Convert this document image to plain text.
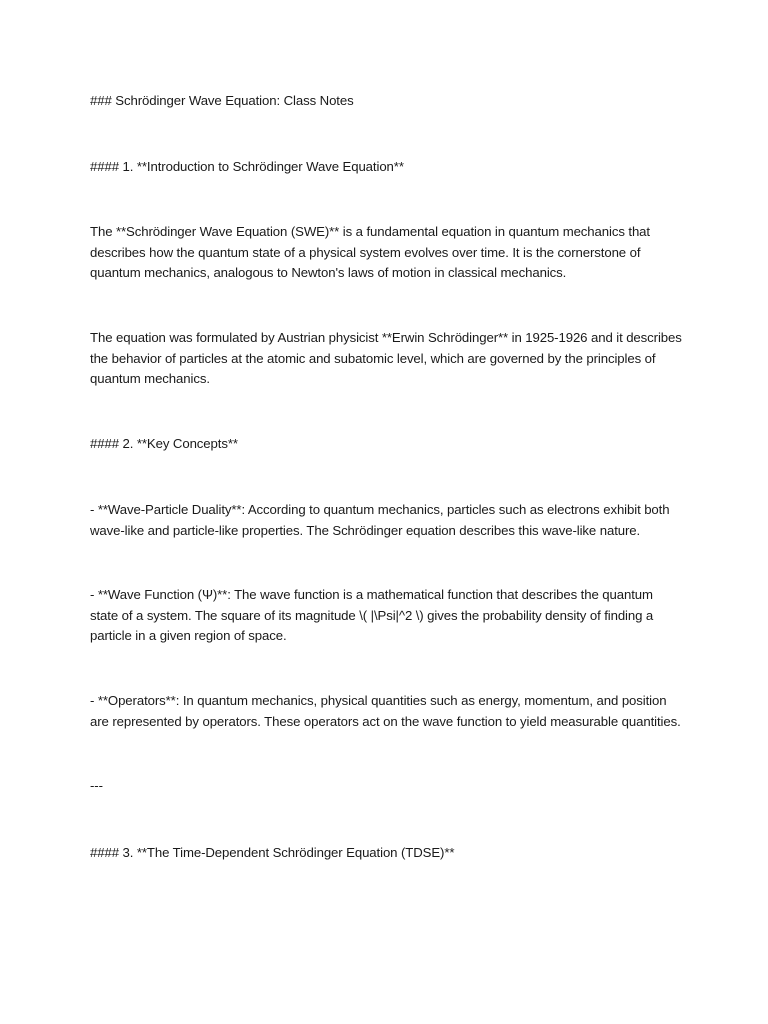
### Schrödinger Wave Equation: Class Notes
#### 1. **Introduction to Schrödinger Wave Equation**
The **Schrödinger Wave Equation (SWE)** is a fundamental equation in quantum mechanics that
describes how the quantum state of a physical system evolves over time. It is the cornerstone of
quantum mechanics, analogous to Newton's laws of motion in classical mechanics.
The equation was formulated by Austrian physicist **Erwin Schrödinger** in 1925-1926 and it describes
the behavior of particles at the atomic and subatomic level, which are governed by the principles of
quantum mechanics.
#### 2. **Key Concepts**
- **Wave-Particle Duality**: According to quantum mechanics, particles such as electrons exhibit both
wave-like and particle-like properties. The Schrödinger equation describes this wave-like nature.
- **Wave Function (Ψ)**: The wave function is a mathematical function that describes the quantum
state of a system. The square of its magnitude \( |\Psi|^2 \) gives the probability density of finding a
particle in a given region of space.
- **Operators**: In quantum mechanics, physical quantities such as energy, momentum, and position
are represented by operators. These operators act on the wave function to yield measurable quantities.
---
#### 3. **The Time-Dependent Schrödinger Equation (TDSE)**
